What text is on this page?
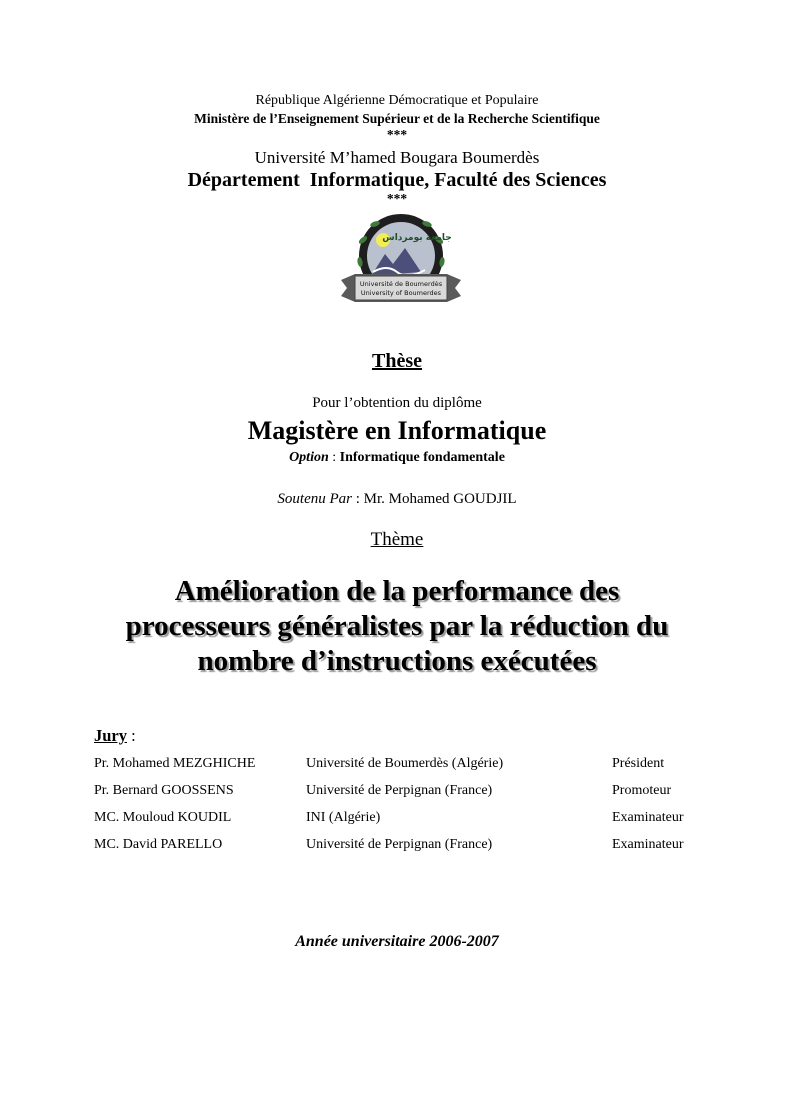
République Algérienne Démocratique et Populaire
Ministère de l’Enseignement Supérieur et de la Recherche Scientifique
***
Université M’hamed Bougara Boumerdès
Département  Informatique, Faculté des Sciences
***
جامعة بومرداس
Université de Boumerdès
University of Boumerdes
Thèse
Pour l’obtention du diplôme
Magistère en Informatique
Option : Informatique fondamentale
Soutenu Par : Mr. Mohamed GOUDJIL
Thème
Amélioration de la performance des
processeurs généralistes par la réduction du
nombre d’instructions exécutées
Jury :
Pr. Mohamed MEZGHICHE	Université de Boumerdès (Algérie)	Président
Pr. Bernard GOOSSENS	Université de Perpignan (France)	Promoteur
MC. Mouloud KOUDIL	INI (Algérie)	Examinateur
MC. David PARELLO	Université de Perpignan (France)	Examinateur
Année universitaire 2006-2007
